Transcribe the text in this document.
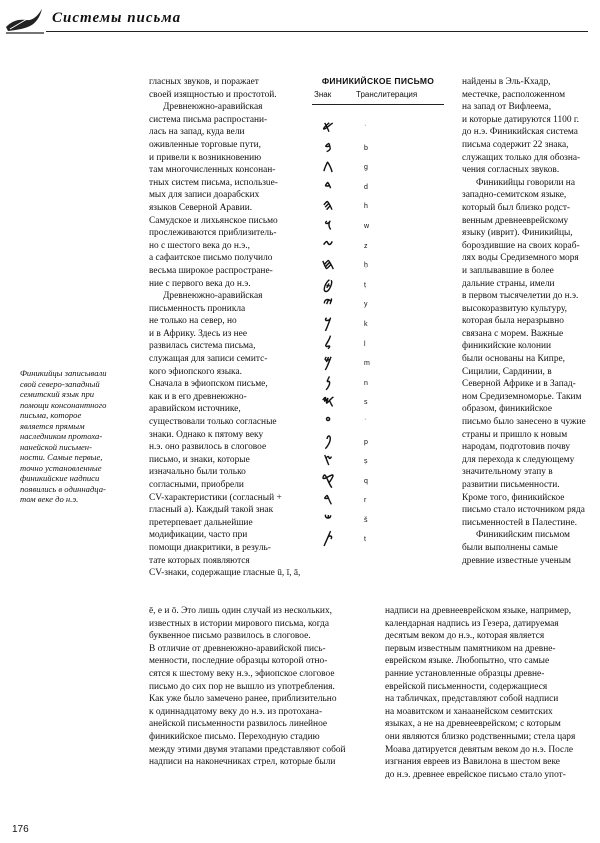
Системы письма
Финикийцы записывали
свой северо-западный
семитский язык при
помощи консонантного
письма, которое
является прямым
наследником протоха-
нанейской письмен-
ности. Самые первые,
точно установленные
финикийские надписи
появились в одиннадца-
том веке до н.э.
гласных звуков, и поражает
своей изящностью и простотой.
Древнеюжно-аравийская
система письма распростани-
лась на запад, куда вели
оживленные торговые пути,
и привели к возникновению
там многочисленных консонан-
тных систем письма, использue-
мых для записи доарабских
языков Северной Аравии.
Самудское и лихьянское письмо
прослеживаются приблизитель-
но с шестого века до н.э.,
а сафаитское письмо получило
весьма широкое распростране-
ние с первого века до н.э.
Древнеюжно-аравийская
письменность проникла
не только на север, но
и в Африку. Здесь из нее
развилась система письма,
служащая для записи семитс-
кого эфиопского языка.
Сначала в эфиопском письме,
как и в его древнеюжно-
аравийском источнике,
существовали только согласные
знаки. Однако к пятому веку
н.э. оно развилось в слоговое
письмо, и знаки, которые
изначально были только
согласными, приобрели
CV-характеристики (согласный +
гласный а). Каждый такой знак
претерпевает дальнейшие
модификации, часто при
помощи диакритики, в резуль-
тате которых появляются
CV-знаки, содержащие гласные ū, ī, ā,
ФИНИКИЙСКОЕ ПИСЬМО
Знак	Транслитерация
𐤀	ʾ
𐤁	b
𐤂	g
𐤃	d
𐤄	h
𐤅	w
𐤆	z
𐤇	ḥ
𐤈	ṭ
𐤉	y
𐤊	k
𐤋	l
𐤌	m
𐤍	n
𐤎	s
𐤏	ʿ
𐤐	p
𐤑	ṣ
𐤒	q
𐤓	r
𐤔	š
𐤕	t
найдены в Эль-Кхадр,
местечке, расположенном
на запад от Вифлеема,
и которые датируются 1100 г.
до н.э. Финикийская система
письма содержит 22 знака,
служащих только для обозна-
чения согласных звуков.
Финикийцы говорили на
западно-семитском языке,
который был близко родст-
венным древнееврейскому
языку (иврит). Финикийцы,
бороздившие на своих кораб-
лях воды Средиземного моря
и заплывавшие в более
дальние страны, имели
в первом тысячелетии до н.э.
высокоразвитую культуру,
которая была неразрывно
связана с морем. Важные
финикийские колонии
были основаны на Кипре,
Сицилии, Сардинии, в
Северной Африке и в Запад-
ном Средиземноморье. Таким
образом, финикийское
письмо было занесено в чужие
страны и пришло к новым
народам, подготовив почву
для перехода к следующему
значительному этапу в
развитии письменности.
Кроме того, финикийское
письмо стало источником ряда
письменностей в Палестине.
Финикийским письмом
были выполнены самые
древние известные ученым
ē, e и ō. Это лишь один случай из нескольких,
известных в истории мирового письма, когда
буквенное письмо развилось в слоговое.
В отличие от древнеюжно-аравийской пись-
менности, последние образцы которой отно-
сятся к шестому веку н.э., эфиопское слоговое
письмо до сих пор не вышло из употребления.
Как уже было замечено ранее, приблизительно
к одиннадцатому веку до н.э. из протохана-
анейской письменности развилось линейное
финикийское письмо. Переходную стадию
между этими двумя этапами представляют собой
надписи на наконечниках стрел, которые были
надписи на древнееврейском языке, например,
календарная надпись из Гезера, датируемая
десятым веком до н.э., которая является
первым известным памятником на древне-
еврейском языке. Любопытно, что самые
ранние установленные образцы древне-
еврейской письменности, содержащиеся
на табличках, представляют собой надписи
на моавитском и ханаанейском семитских
языках, а не на древнееврейском; с которым
они являются близко родственными; стела царя
Моава датируется девятым веком до н.э. После
изгнания евреев из Вавилона в шестом веке
до н.э. древнее еврейское письмо стало упот-
176
